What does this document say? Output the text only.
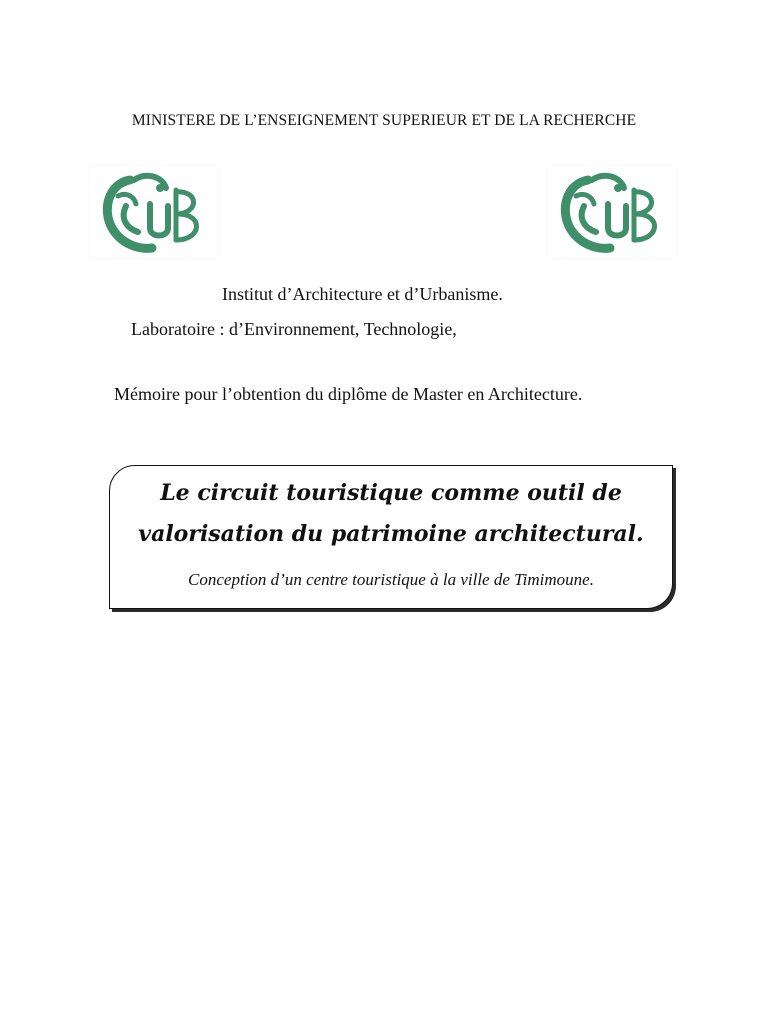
MINISTERE DE L’ENSEIGNEMENT SUPERIEUR ET DE LA RECHERCHE
Institut d’Architecture et d’Urbanisme.
Laboratoire : d’Environnement, Technologie,
Mémoire pour l’obtention du diplôme de Master en Architecture.
Le circuit touristique comme outil de
valorisation du patrimoine architectural.
Conception d’un centre touristique à la ville de Timimoune.
